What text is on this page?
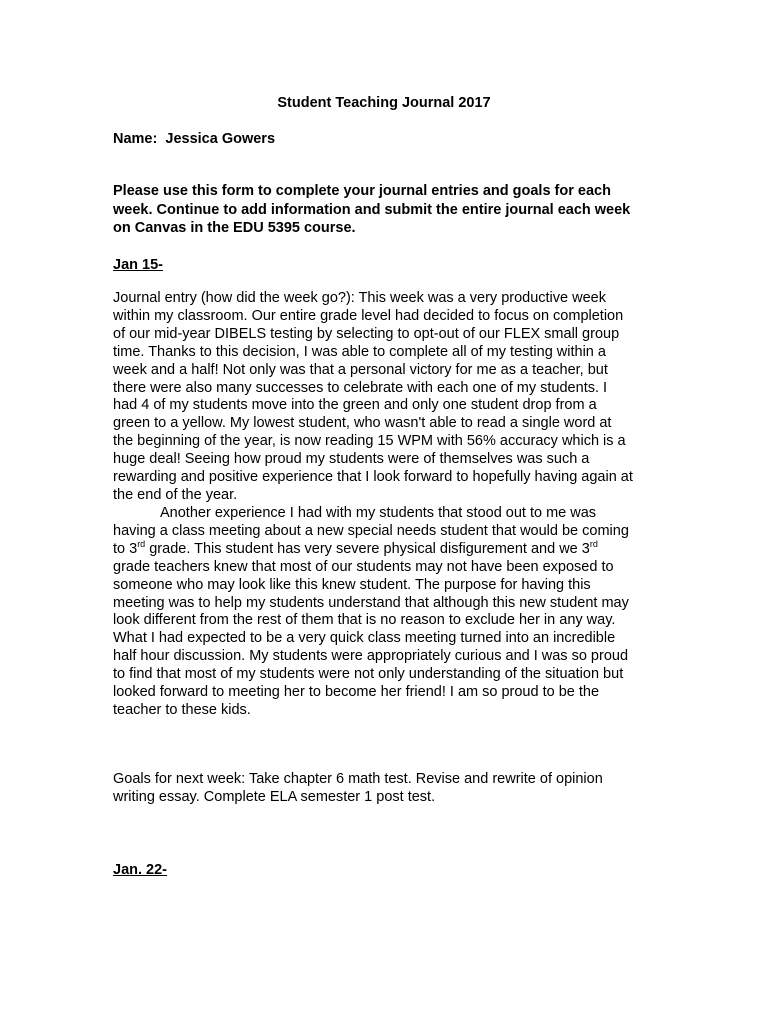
Student Teaching Journal 2017
Name: Jessica Gowers
Please use this form to complete your journal entries and goals for each
week. Continue to add information and submit the entire journal each week
on Canvas in the EDU 5395 course.
Jan 15-
Journal entry (how did the week go?): This week was a very productive week
within my classroom. Our entire grade level had decided to focus on completion
of our mid-year DIBELS testing by selecting to opt-out of our FLEX small group
time. Thanks to this decision, I was able to complete all of my testing within a
week and a half! Not only was that a personal victory for me as a teacher, but
there were also many successes to celebrate with each one of my students. I
had 4 of my students move into the green and only one student drop from a
green to a yellow. My lowest student, who wasn't able to read a single word at
the beginning of the year, is now reading 15 WPM with 56% accuracy which is a
huge deal! Seeing how proud my students were of themselves was such a
rewarding and positive experience that I look forward to hopefully having again at
the end of the year.
Another experience I had with my students that stood out to me was
having a class meeting about a new special needs student that would be coming
to 3rd grade. This student has very severe physical disfigurement and we 3rd
grade teachers knew that most of our students may not have been exposed to
someone who may look like this knew student. The purpose for having this
meeting was to help my students understand that although this new student may
look different from the rest of them that is no reason to exclude her in any way.
What I had expected to be a very quick class meeting turned into an incredible
half hour discussion. My students were appropriately curious and I was so proud
to find that most of my students were not only understanding of the situation but
looked forward to meeting her to become her friend! I am so proud to be the
teacher to these kids.
Goals for next week: Take chapter 6 math test. Revise and rewrite of opinion
writing essay. Complete ELA semester 1 post test.
Jan. 22-
